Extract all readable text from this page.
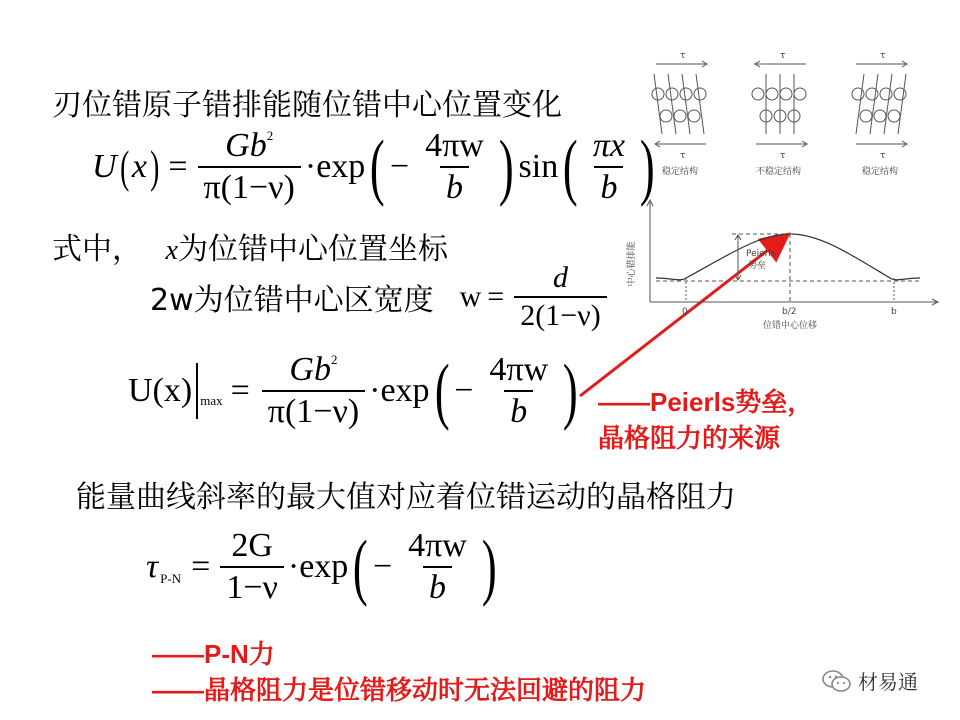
刃位错原子错排能随位错中心位置变化
U ( x ) = $\frac{Gb^2}{\pi(1-\nu)} \cdot\exp$ ( − $\frac{4\pi w}{b}$ ) sin ( $\frac{\pi x}{b}$ )
式中， x为位错中心位置坐标
2w为位错中心区宽度 $w = \frac{d}{2(1-\nu)}$
U(x) $\max = \frac{Gb^2}{\pi(1-\nu)} \cdot\exp$ ( − $\frac{4\pi w}{b}$ ) ——Peierls势垒，
晶格阻力的来源
能量曲线斜率的最大值对应着位错运动的晶格阻力
τ $P-N = \frac{2G}{1-\nu} \cdot\exp$ ( − $\frac{4\pi w}{b}$ )
——P-N力
——晶格阻力是位错移动时无法回避的阻力
τ
τ
稳定结构
τ
τ
不稳定结构
τ
τ
稳定结构
中心错排能	Peierls
势垒
0	b/2	b
位错中心位移
材易通
